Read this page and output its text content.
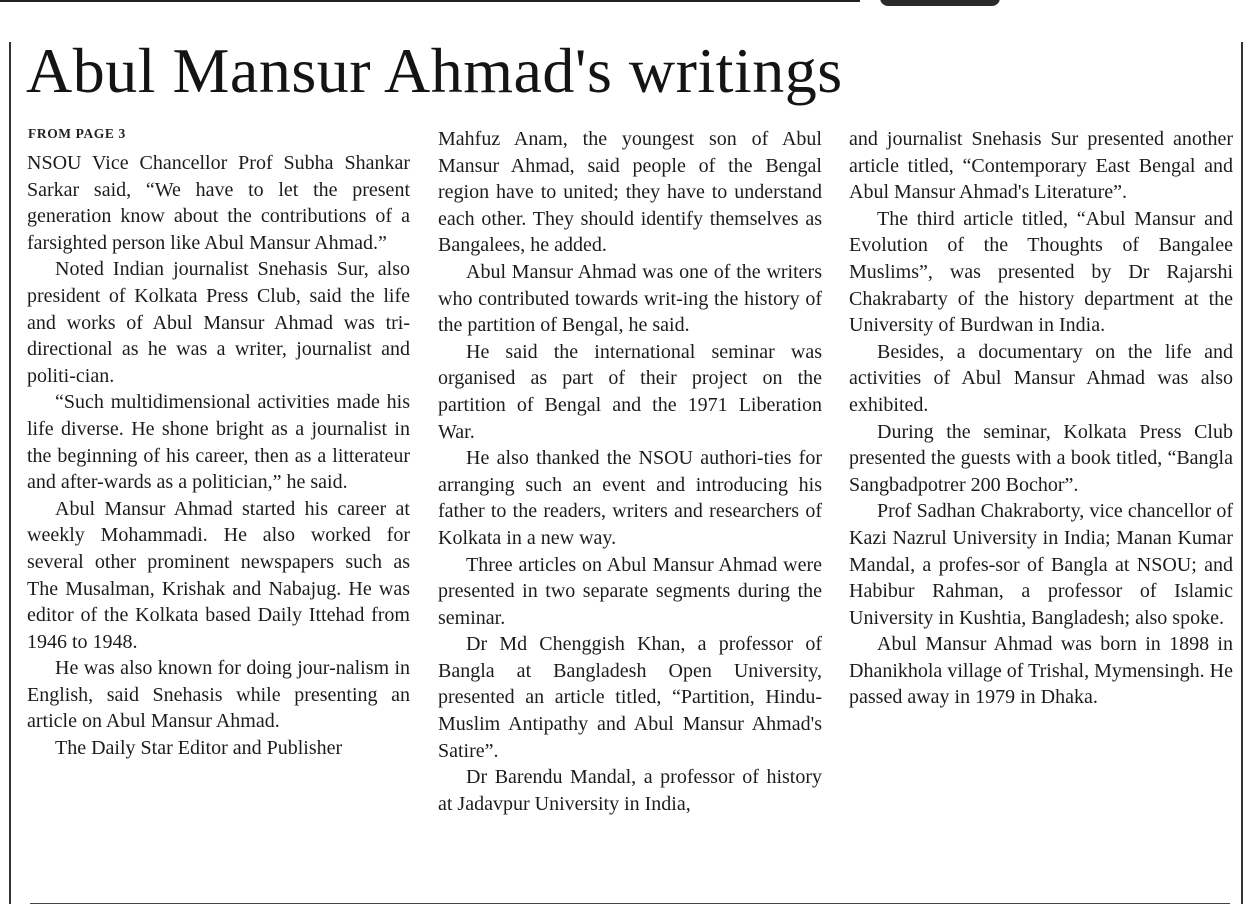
Abul Mansur Ahmad's writings
FROM PAGE 3

NSOU Vice Chancellor Prof Subha Shankar Sarkar said, “We have to let the present generation know about the contributions of a farsighted person like Abul Mansur Ahmad.”

Noted Indian journalist Snehasis Sur, also president of Kolkata Press Club, said the life and works of Abul Mansur Ahmad was tri-directional as he was a writer, journalist and politi-cian.

“Such multidimensional activities made his life diverse. He shone bright as a journalist in the beginning of his career, then as a litterateur and after-wards as a politician,” he said.

Abul Mansur Ahmad started his career at weekly Mohammadi. He also worked for several other prominent newspapers such as The Musalman, Krishak and Nabajug. He was editor of the Kolkata based Daily Ittehad from 1946 to 1948.

He was also known for doing jour-nalism in English, said Snehasis while presenting an article on Abul Mansur Ahmad.

The Daily Star Editor and Publisher

Mahfuz Anam, the youngest son of Abul Mansur Ahmad, said people of the Bengal region have to united; they have to understand each other. They should identify themselves as Bangalees, he added.

Abul Mansur Ahmad was one of the writers who contributed towards writ-ing the history of the partition of Bengal, he said.

He said the international seminar was organised as part of their project on the partition of Bengal and the 1971 Liberation War.

He also thanked the NSOU authori-ties for arranging such an event and introducing his father to the readers, writers and researchers of Kolkata in a new way.

Three articles on Abul Mansur Ahmad were presented in two separate segments during the seminar.

Dr Md Chenggish Khan, a professor of Bangla at Bangladesh Open University, presented an article titled, “Partition, Hindu-Muslim Antipathy and Abul Mansur Ahmad's Satire”.

Dr Barendu Mandal, a professor of history at Jadavpur University in India,

and journalist Snehasis Sur presented another article titled, “Contemporary East Bengal and Abul Mansur Ahmad's Literature”.

The third article titled, “Abul Mansur and Evolution of the Thoughts of Bangalee Muslims”, was presented by Dr Rajarshi Chakrabarty of the history department at the University of Burdwan in India.

Besides, a documentary on the life and activities of Abul Mansur Ahmad was also exhibited.

During the seminar, Kolkata Press Club presented the guests with a book titled, “Bangla Sangbadpotrer 200 Bochor”.

Prof Sadhan Chakraborty, vice chancellor of Kazi Nazrul University in India; Manan Kumar Mandal, a profes-sor of Bangla at NSOU; and Habibur Rahman, a professor of Islamic University in Kushtia, Bangladesh; also spoke.

Abul Mansur Ahmad was born in 1898 in Dhanikhola village of Trishal, Mymensingh. He passed away in 1979 in Dhaka.
